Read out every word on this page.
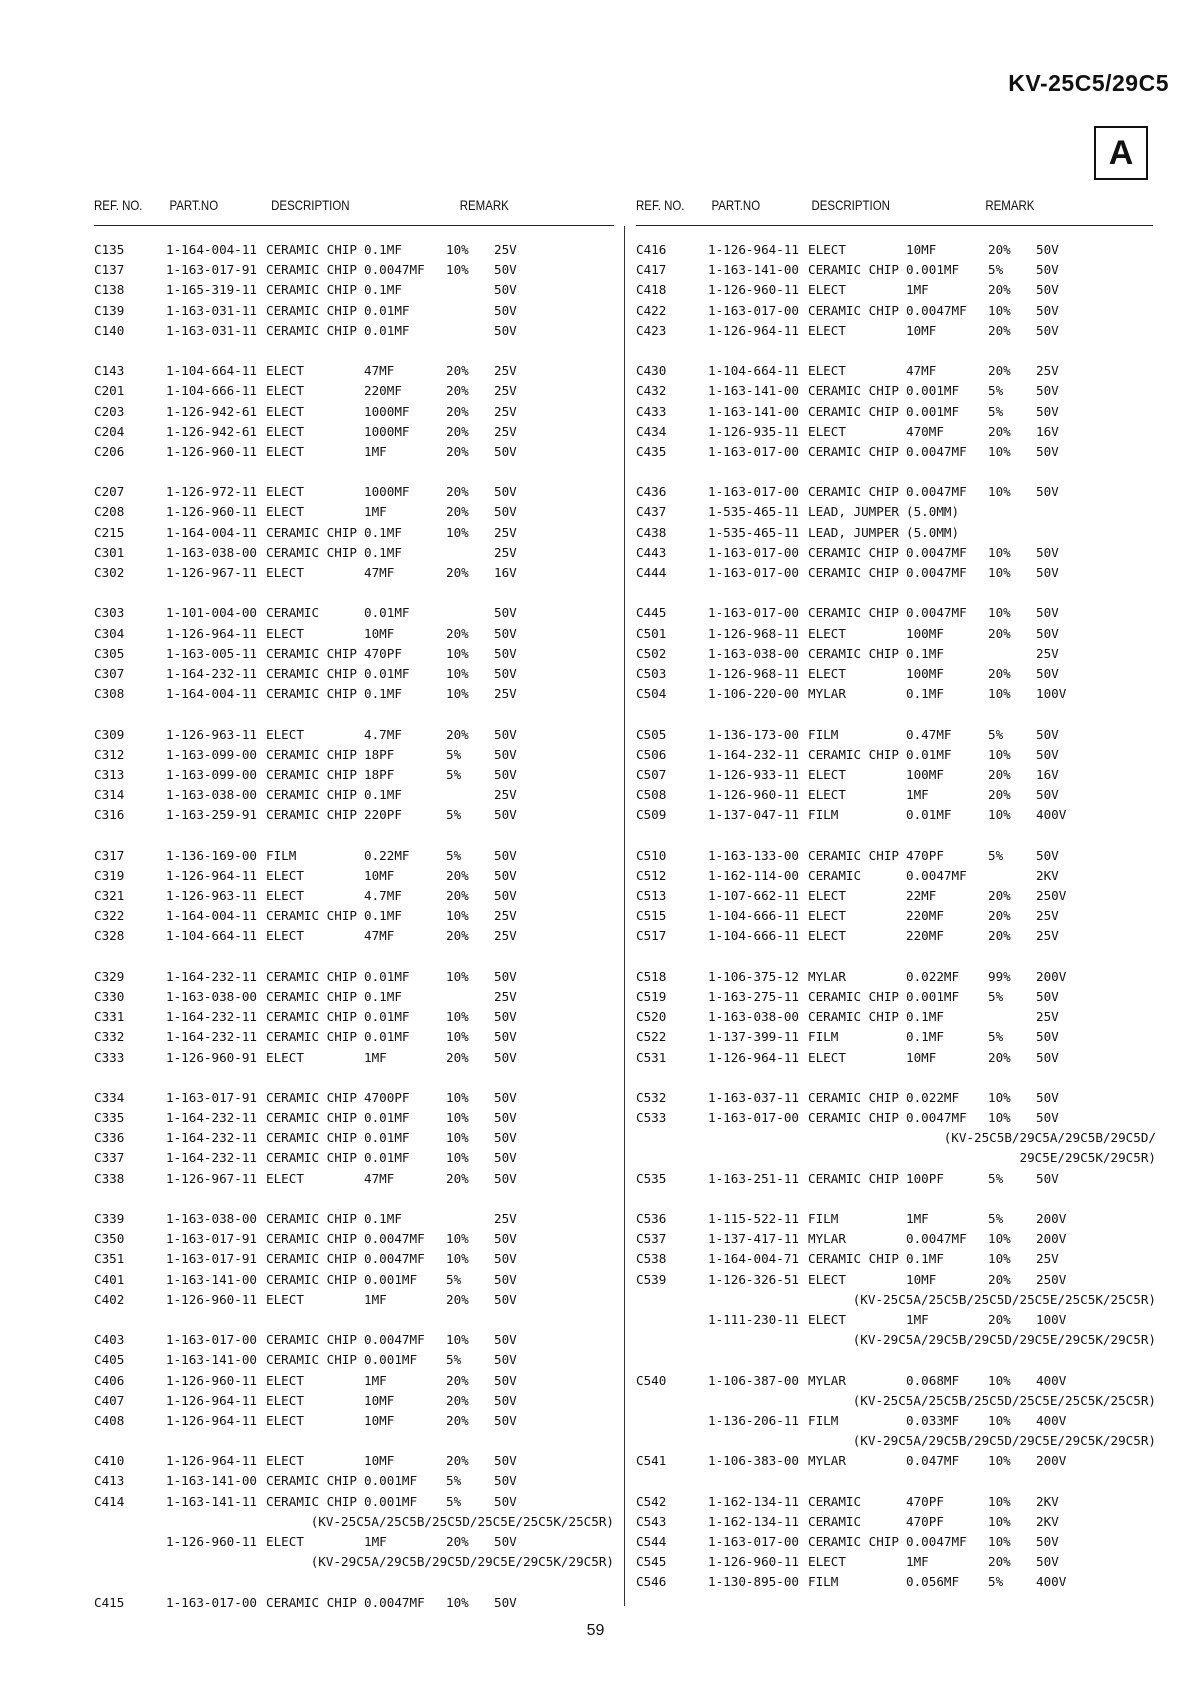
KV-25C5/29C5
A
REF. NO. PART.NO	DESCRIPTION	REMARK	REF. NO. PART.NO	DESCRIPTION	REMARK
C135	1-164-004-11 CERAMIC CHIP 0.1MF	10% 25V
C137	1-163-017-91 CERAMIC CHIP 0.0047MF 10% 50V
C138	1-165-319-11 CERAMIC CHIP 0.1MF	50V
C139	1-163-031-11 CERAMIC CHIP 0.01MF	50V
C140	1-163-031-11 CERAMIC CHIP 0.01MF	50V
C143	1-104-664-11 ELECT	47MF	20% 25V
C201	1-104-666-11 ELECT	220MF	20% 25V
C203	1-126-942-61 ELECT	1000MF	20% 25V
C204	1-126-942-61 ELECT	1000MF	20% 25V
C206	1-126-960-11 ELECT	1MF	20% 50V
C207	1-126-972-11 ELECT	1000MF	20% 50V
C208	1-126-960-11 ELECT	1MF	20% 50V
C215	1-164-004-11 CERAMIC CHIP 0.1MF	10% 25V
C301	1-163-038-00 CERAMIC CHIP 0.1MF	25V
C302	1-126-967-11 ELECT	47MF	20% 16V
C303	1-101-004-00 CERAMIC	0.01MF	50V
C304	1-126-964-11 ELECT	10MF	20% 50V
C305	1-163-005-11 CERAMIC CHIP 470PF	10% 50V
C307	1-164-232-11 CERAMIC CHIP 0.01MF	10% 50V
C308	1-164-004-11 CERAMIC CHIP 0.1MF	10% 25V
C309	1-126-963-11 ELECT	4.7MF	20% 50V
C312	1-163-099-00 CERAMIC CHIP 18PF	5%	50V
C313	1-163-099-00 CERAMIC CHIP 18PF	5%	50V
C314	1-163-038-00 CERAMIC CHIP 0.1MF	25V
C316	1-163-259-91 CERAMIC CHIP 220PF	5%	50V
C317	1-136-169-00 FILM	0.22MF	5%	50V
C319	1-126-964-11 ELECT	10MF	20% 50V
C321	1-126-963-11 ELECT	4.7MF	20% 50V
C322	1-164-004-11 CERAMIC CHIP 0.1MF	10% 25V
C328	1-104-664-11 ELECT	47MF	20% 25V
C329	1-164-232-11 CERAMIC CHIP 0.01MF	10% 50V
C330	1-163-038-00 CERAMIC CHIP 0.1MF	25V
C331	1-164-232-11 CERAMIC CHIP 0.01MF	10% 50V
C332	1-164-232-11 CERAMIC CHIP 0.01MF	10% 50V
C333	1-126-960-91 ELECT	1MF	20% 50V
C334	1-163-017-91 CERAMIC CHIP 4700PF	10% 50V
C335	1-164-232-11 CERAMIC CHIP 0.01MF	10% 50V
C336	1-164-232-11 CERAMIC CHIP 0.01MF	10% 50V
C337	1-164-232-11 CERAMIC CHIP 0.01MF	10% 50V
C338	1-126-967-11 ELECT	47MF	20% 50V
C339	1-163-038-00 CERAMIC CHIP 0.1MF	25V
C350	1-163-017-91 CERAMIC CHIP 0.0047MF 10% 50V
C351	1-163-017-91 CERAMIC CHIP 0.0047MF 10% 50V
C401	1-163-141-00 CERAMIC CHIP 0.001MF 5%	50V
C402	1-126-960-11 ELECT	1MF	20% 50V
C403	1-163-017-00 CERAMIC CHIP 0.0047MF 10% 50V
C405	1-163-141-00 CERAMIC CHIP 0.001MF 5%	50V
C406	1-126-960-11 ELECT	1MF	20% 50V
C407	1-126-964-11 ELECT	10MF	20% 50V
C408	1-126-964-11 ELECT	10MF	20% 50V
C410	1-126-964-11 ELECT	10MF	20% 50V
C413	1-163-141-00 CERAMIC CHIP 0.001MF 5%	50V
C414	1-163-141-11 CERAMIC CHIP 0.001MF 5%	50V
(KV-25C5A/25C5B/25C5D/25C5E/25C5K/25C5R)
1-126-960-11 ELECT	1MF	20% 50V
(KV-29C5A/29C5B/29C5D/29C5E/29C5K/29C5R)
C415	1-163-017-00 CERAMIC CHIP 0.0047MF 10% 50V
C416	1-126-964-11 ELECT	10MF	20% 50V
C417	1-163-141-00 CERAMIC CHIP 0.001MF 5%	50V
C418	1-126-960-11 ELECT	1MF	20% 50V
C422	1-163-017-00 CERAMIC CHIP 0.0047MF 10% 50V
C423	1-126-964-11 ELECT	10MF	20% 50V
C430	1-104-664-11 ELECT	47MF	20% 25V
C432	1-163-141-00 CERAMIC CHIP 0.001MF 5%	50V
C433	1-163-141-00 CERAMIC CHIP 0.001MF 5%	50V
C434	1-126-935-11 ELECT	470MF	20% 16V
C435	1-163-017-00 CERAMIC CHIP 0.0047MF 10% 50V
C436	1-163-017-00 CERAMIC CHIP 0.0047MF 10% 50V
C437	1-535-465-11 LEAD, JUMPER (5.0MM)
C438	1-535-465-11 LEAD, JUMPER (5.0MM)
C443	1-163-017-00 CERAMIC CHIP 0.0047MF 10% 50V
C444	1-163-017-00 CERAMIC CHIP 0.0047MF 10% 50V
C445	1-163-017-00 CERAMIC CHIP 0.0047MF 10% 50V
C501	1-126-968-11 ELECT	100MF	20% 50V
C502	1-163-038-00 CERAMIC CHIP 0.1MF	25V
C503	1-126-968-11 ELECT	100MF	20% 50V
C504	1-106-220-00 MYLAR	0.1MF	10% 100V
C505	1-136-173-00 FILM	0.47MF	5%	50V
C506	1-164-232-11 CERAMIC CHIP 0.01MF	10% 50V
C507	1-126-933-11 ELECT	100MF	20% 16V
C508	1-126-960-11 ELECT	1MF	20% 50V
C509	1-137-047-11 FILM	0.01MF	10% 400V
C510	1-163-133-00 CERAMIC CHIP 470PF	5%	50V
C512	1-162-114-00 CERAMIC	0.0047MF	2KV
C513	1-107-662-11 ELECT	22MF	20% 250V
C515	1-104-666-11 ELECT	220MF	20% 25V
C517	1-104-666-11 ELECT	220MF	20% 25V
C518	1-106-375-12 MYLAR	0.022MF 99% 200V
C519	1-163-275-11 CERAMIC CHIP 0.001MF 5%	50V
C520	1-163-038-00 CERAMIC CHIP 0.1MF	25V
C522	1-137-399-11 FILM	0.1MF	5%	50V
C531	1-126-964-11 ELECT	10MF	20% 50V
C532	1-163-037-11 CERAMIC CHIP 0.022MF 10% 50V
C533	1-163-017-00 CERAMIC CHIP 0.0047MF 10% 50V
(KV-25C5B/29C5A/29C5B/29C5D/
29C5E/29C5K/29C5R)
C535	1-163-251-11 CERAMIC CHIP 100PF	5%	50V
C536	1-115-522-11 FILM	1MF	5%	200V
C537	1-137-417-11 MYLAR	0.0047MF 10% 200V
C538	1-164-004-71 CERAMIC CHIP 0.1MF	10% 25V
C539	1-126-326-51 ELECT	10MF	20% 250V
(KV-25C5A/25C5B/25C5D/25C5E/25C5K/25C5R)
1-111-230-11 ELECT	1MF	20% 100V
(KV-29C5A/29C5B/29C5D/29C5E/29C5K/29C5R)
C540	1-106-387-00 MYLAR	0.068MF 10% 400V
(KV-25C5A/25C5B/25C5D/25C5E/25C5K/25C5R)
1-136-206-11 FILM	0.033MF 10% 400V
(KV-29C5A/29C5B/29C5D/29C5E/29C5K/29C5R)
C541	1-106-383-00 MYLAR	0.047MF 10% 200V
C542	1-162-134-11 CERAMIC	470PF	10% 2KV
C543	1-162-134-11 CERAMIC	470PF	10% 2KV
C544	1-163-017-00 CERAMIC CHIP 0.0047MF 10% 50V
C545	1-126-960-11 ELECT	1MF	20% 50V
C546	1-130-895-00 FILM	0.056MF 5%	400V
59
